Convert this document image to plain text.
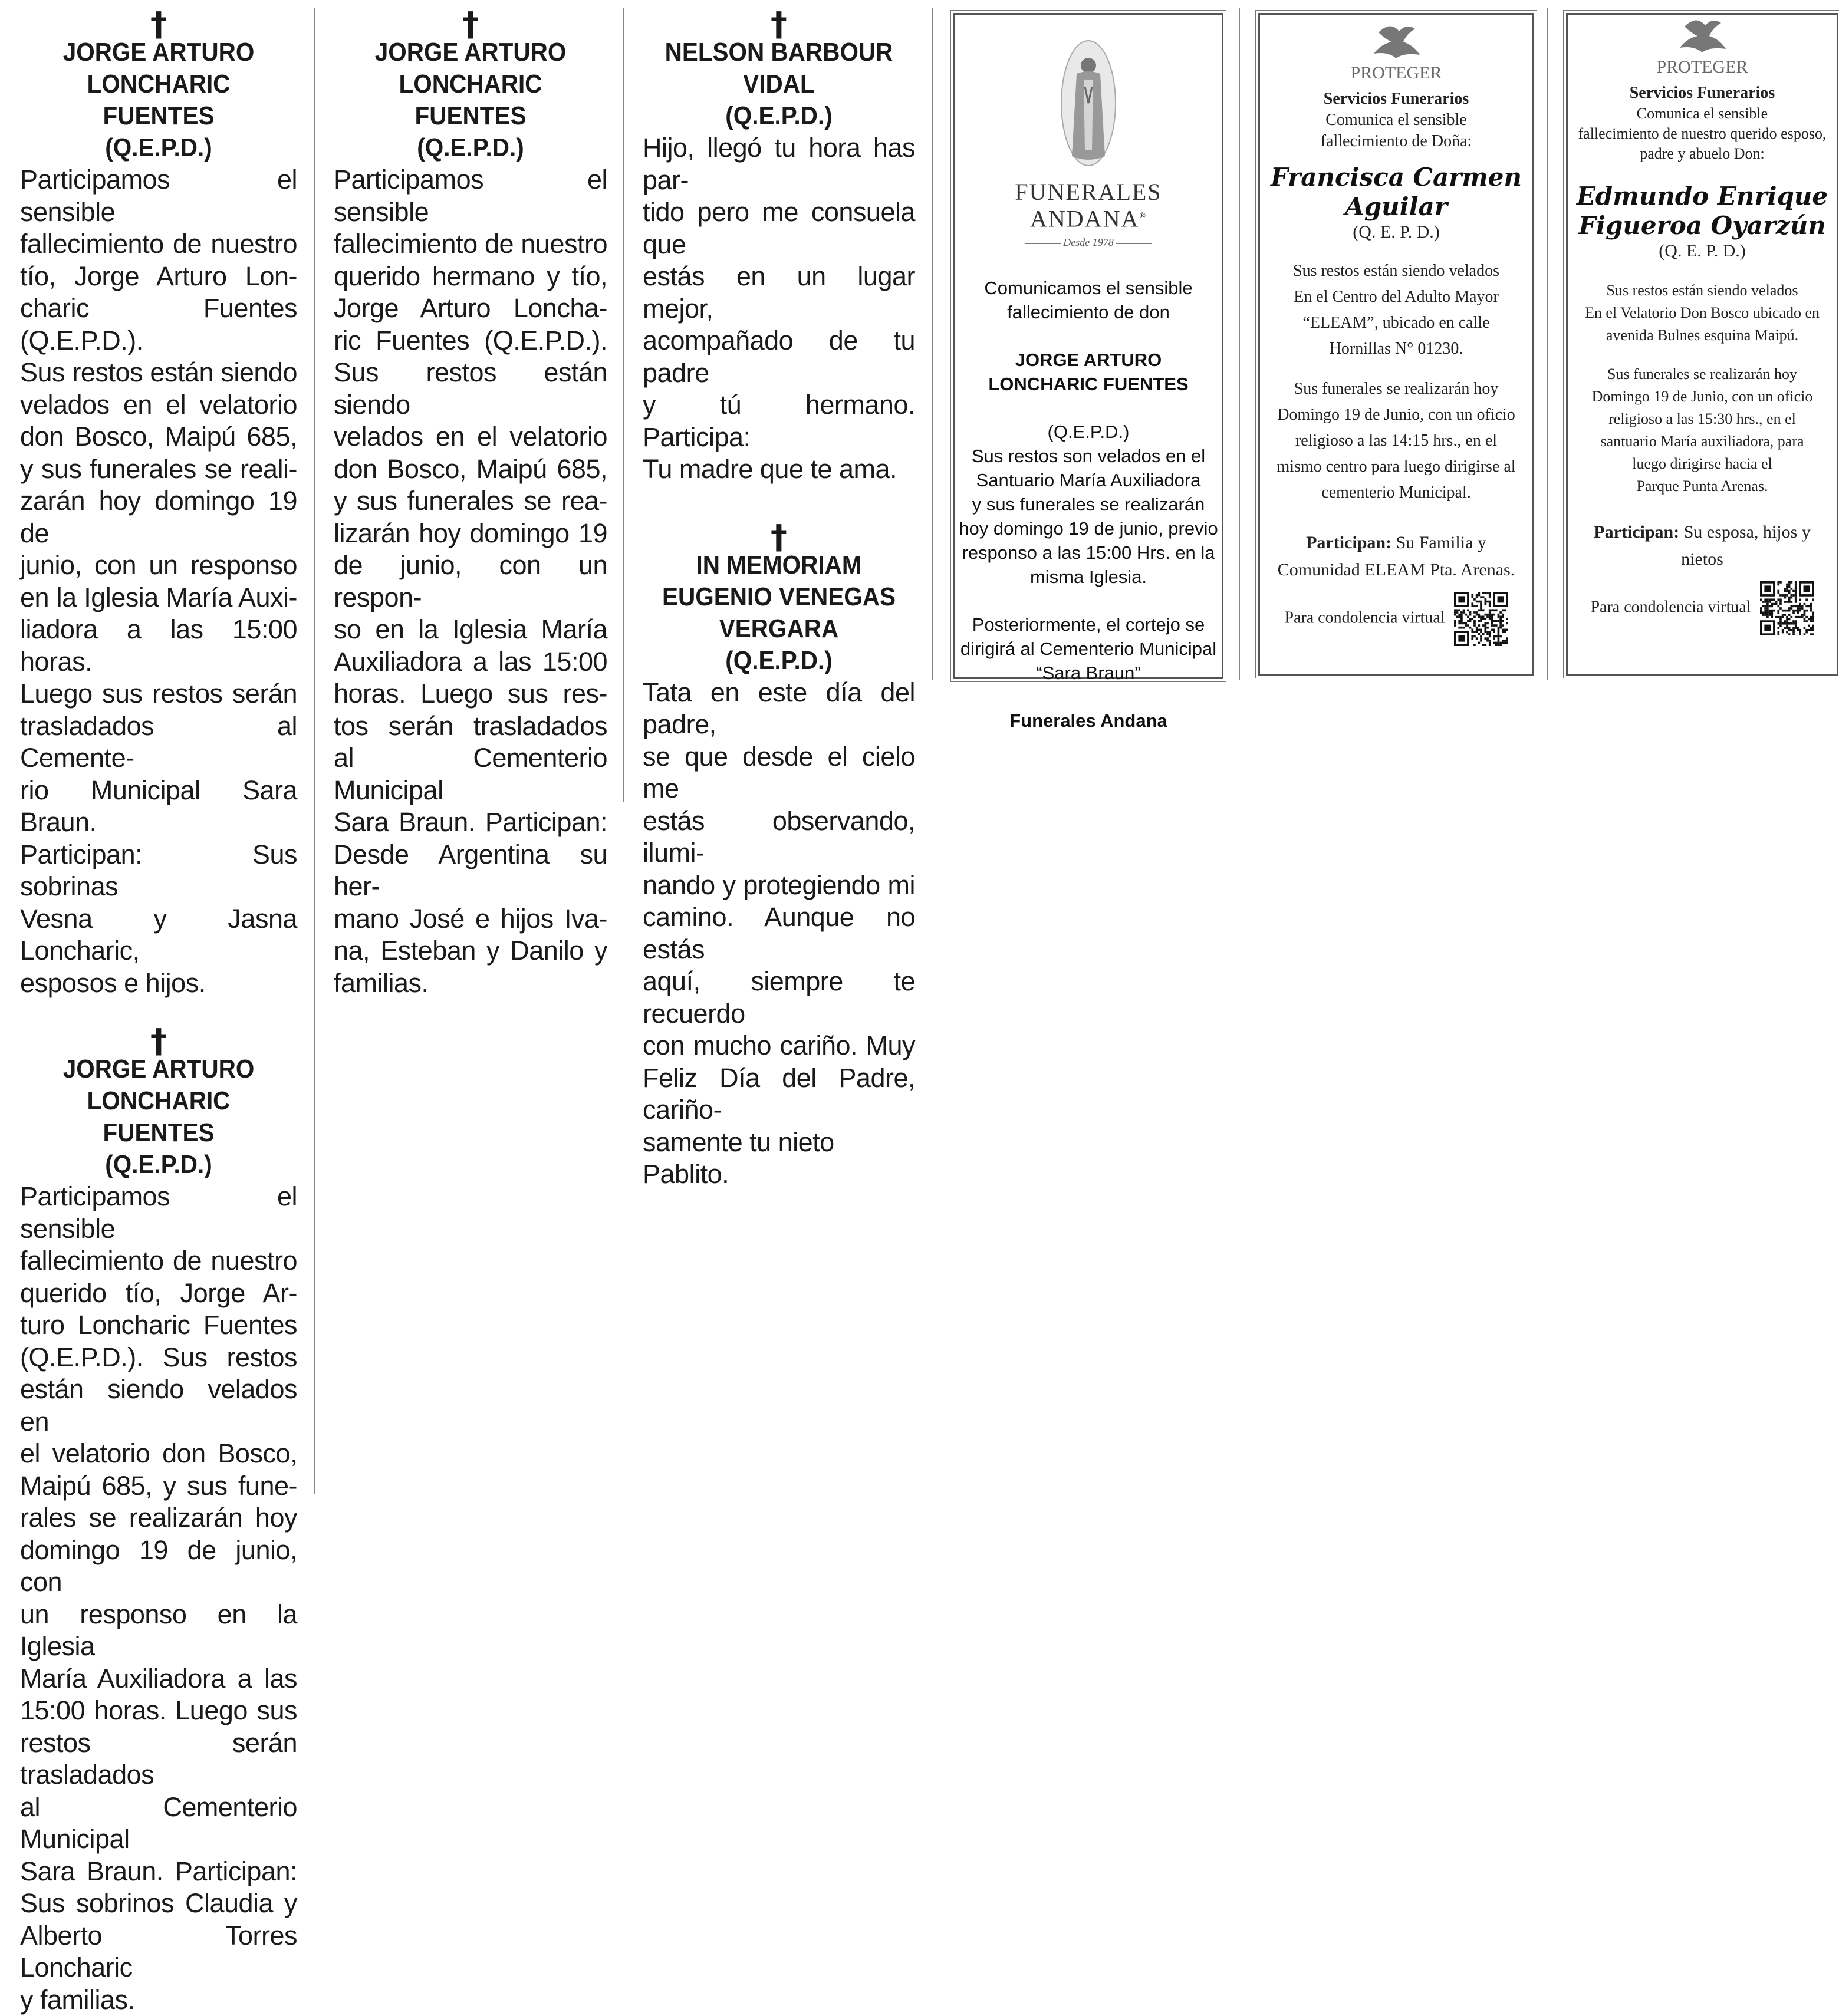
†
JORGE ARTURO
LONCHARIC FUENTES
(Q.E.P.D.)
Participamos el sensible
fallecimiento de nuestro
tío, Jorge Arturo Lon-
charic Fuentes (Q.E.P.D.).
Sus restos están siendo
velados en el velatorio
don Bosco, Maipú 685,
y sus funerales se reali-
zarán hoy domingo 19 de
junio, con un responso
en la Iglesia María Auxi-
liadora a las 15:00 horas.
Luego sus restos serán
trasladados al Cemente-
rio Municipal Sara Braun.
Participan: Sus sobrinas
Vesna y Jasna Loncharic,
esposos e hijos.
†
JORGE ARTURO
LONCHARIC FUENTES
(Q.E.P.D.)
Participamos el sensible
fallecimiento de nuestro
querido tío, Jorge Ar-
turo Loncharic Fuentes
(Q.E.P.D.). Sus restos
están siendo velados en
el velatorio don Bosco,
Maipú 685, y sus fune-
rales se realizarán hoy
domingo 19 de junio, con
un responso en la Iglesia
María Auxiliadora a las
15:00 horas. Luego sus
restos serán trasladados
al Cementerio Municipal
Sara Braun. Participan:
Sus sobrinos Claudia y
Alberto Torres Loncharic
y familias.
†
JORGE ARTURO
LONCHARIC FUENTES
(Q.E.P.D.)
Participamos el sensible
fallecimiento de nuestro
querido hermano y tío,
Jorge Arturo Loncha-
ric Fuentes (Q.E.P.D.).
Sus restos están siendo
velados en el velatorio
don Bosco, Maipú 685,
y sus funerales se rea-
lizarán hoy domingo 19
de junio, con un respon-
so en la Iglesia María
Auxiliadora a las 15:00
horas. Luego sus res-
tos serán trasladados
al Cementerio Municipal
Sara Braun. Participan:
Desde Argentina su her-
mano José e hijos Iva-
na, Esteban y Danilo y
familias.
†
NELSON BARBOUR
VIDAL
(Q.E.P.D.)
Hijo, llegó tu hora has par-
tido pero me consuela que
estás en un lugar mejor,
acompañado de tu padre
y tú hermano. Participa:
Tu madre que te ama.
†
IN MEMORIAM
EUGENIO VENEGAS
VERGARA
(Q.E.P.D.)
Tata en este día del padre,
se que desde el cielo me
estás observando, ilumi-
nando y protegiendo mi
camino. Aunque no estás
aquí, siempre te recuerdo
con mucho cariño. Muy
Feliz Día del Padre, cariño-
samente tu nieto Pablito.
FUNERALES ANDANA®
Desde 1978
Comunicamos el sensible
fallecimiento de don
JORGE ARTURO
LONCHARIC FUENTES
(Q.E.P.D.)
Sus restos son velados en el
Santuario María Auxiliadora
y sus funerales se realizarán
hoy domingo 19 de junio, previo
responso a las 15:00 Hrs. en la
misma Iglesia.
Posteriormente, el cortejo se
dirigirá al Cementerio Municipal
“Sara Braun”
Funerales Andana
PROTEGER
Servicios Funerarios
Comunica el sensible
fallecimiento de Doña:
Francisca Carmen
Aguilar
(Q. E. P. D.)
Sus restos están siendo velados
En el Centro del Adulto Mayor
“ELEAM”, ubicado en calle
Hornillas N° 01230.
Sus funerales se realizarán hoy
Domingo 19 de Junio, con un oficio
religioso a las 14:15 hrs., en el
mismo centro para luego dirigirse al
cementerio Municipal.
Participan: Su Familia y
Comunidad ELEAM Pta. Arenas.
Para condolencia virtual
PROTEGER
Servicios Funerarios
Comunica el sensible
fallecimiento de nuestro querido esposo,
padre y abuelo Don:
Edmundo Enrique
Figueroa Oyarzún
(Q. E. P. D.)
Sus restos están siendo velados
En el Velatorio Don Bosco ubicado en
avenida Bulnes esquina Maipú.
Sus funerales se realizarán hoy
Domingo 19 de Junio, con un oficio
religioso a las 15:30 hrs., en el
santuario María auxiliadora, para
luego dirigirse hacia el
Parque Punta Arenas.
Participan: Su esposa, hijos y
nietos
Para condolencia virtual
